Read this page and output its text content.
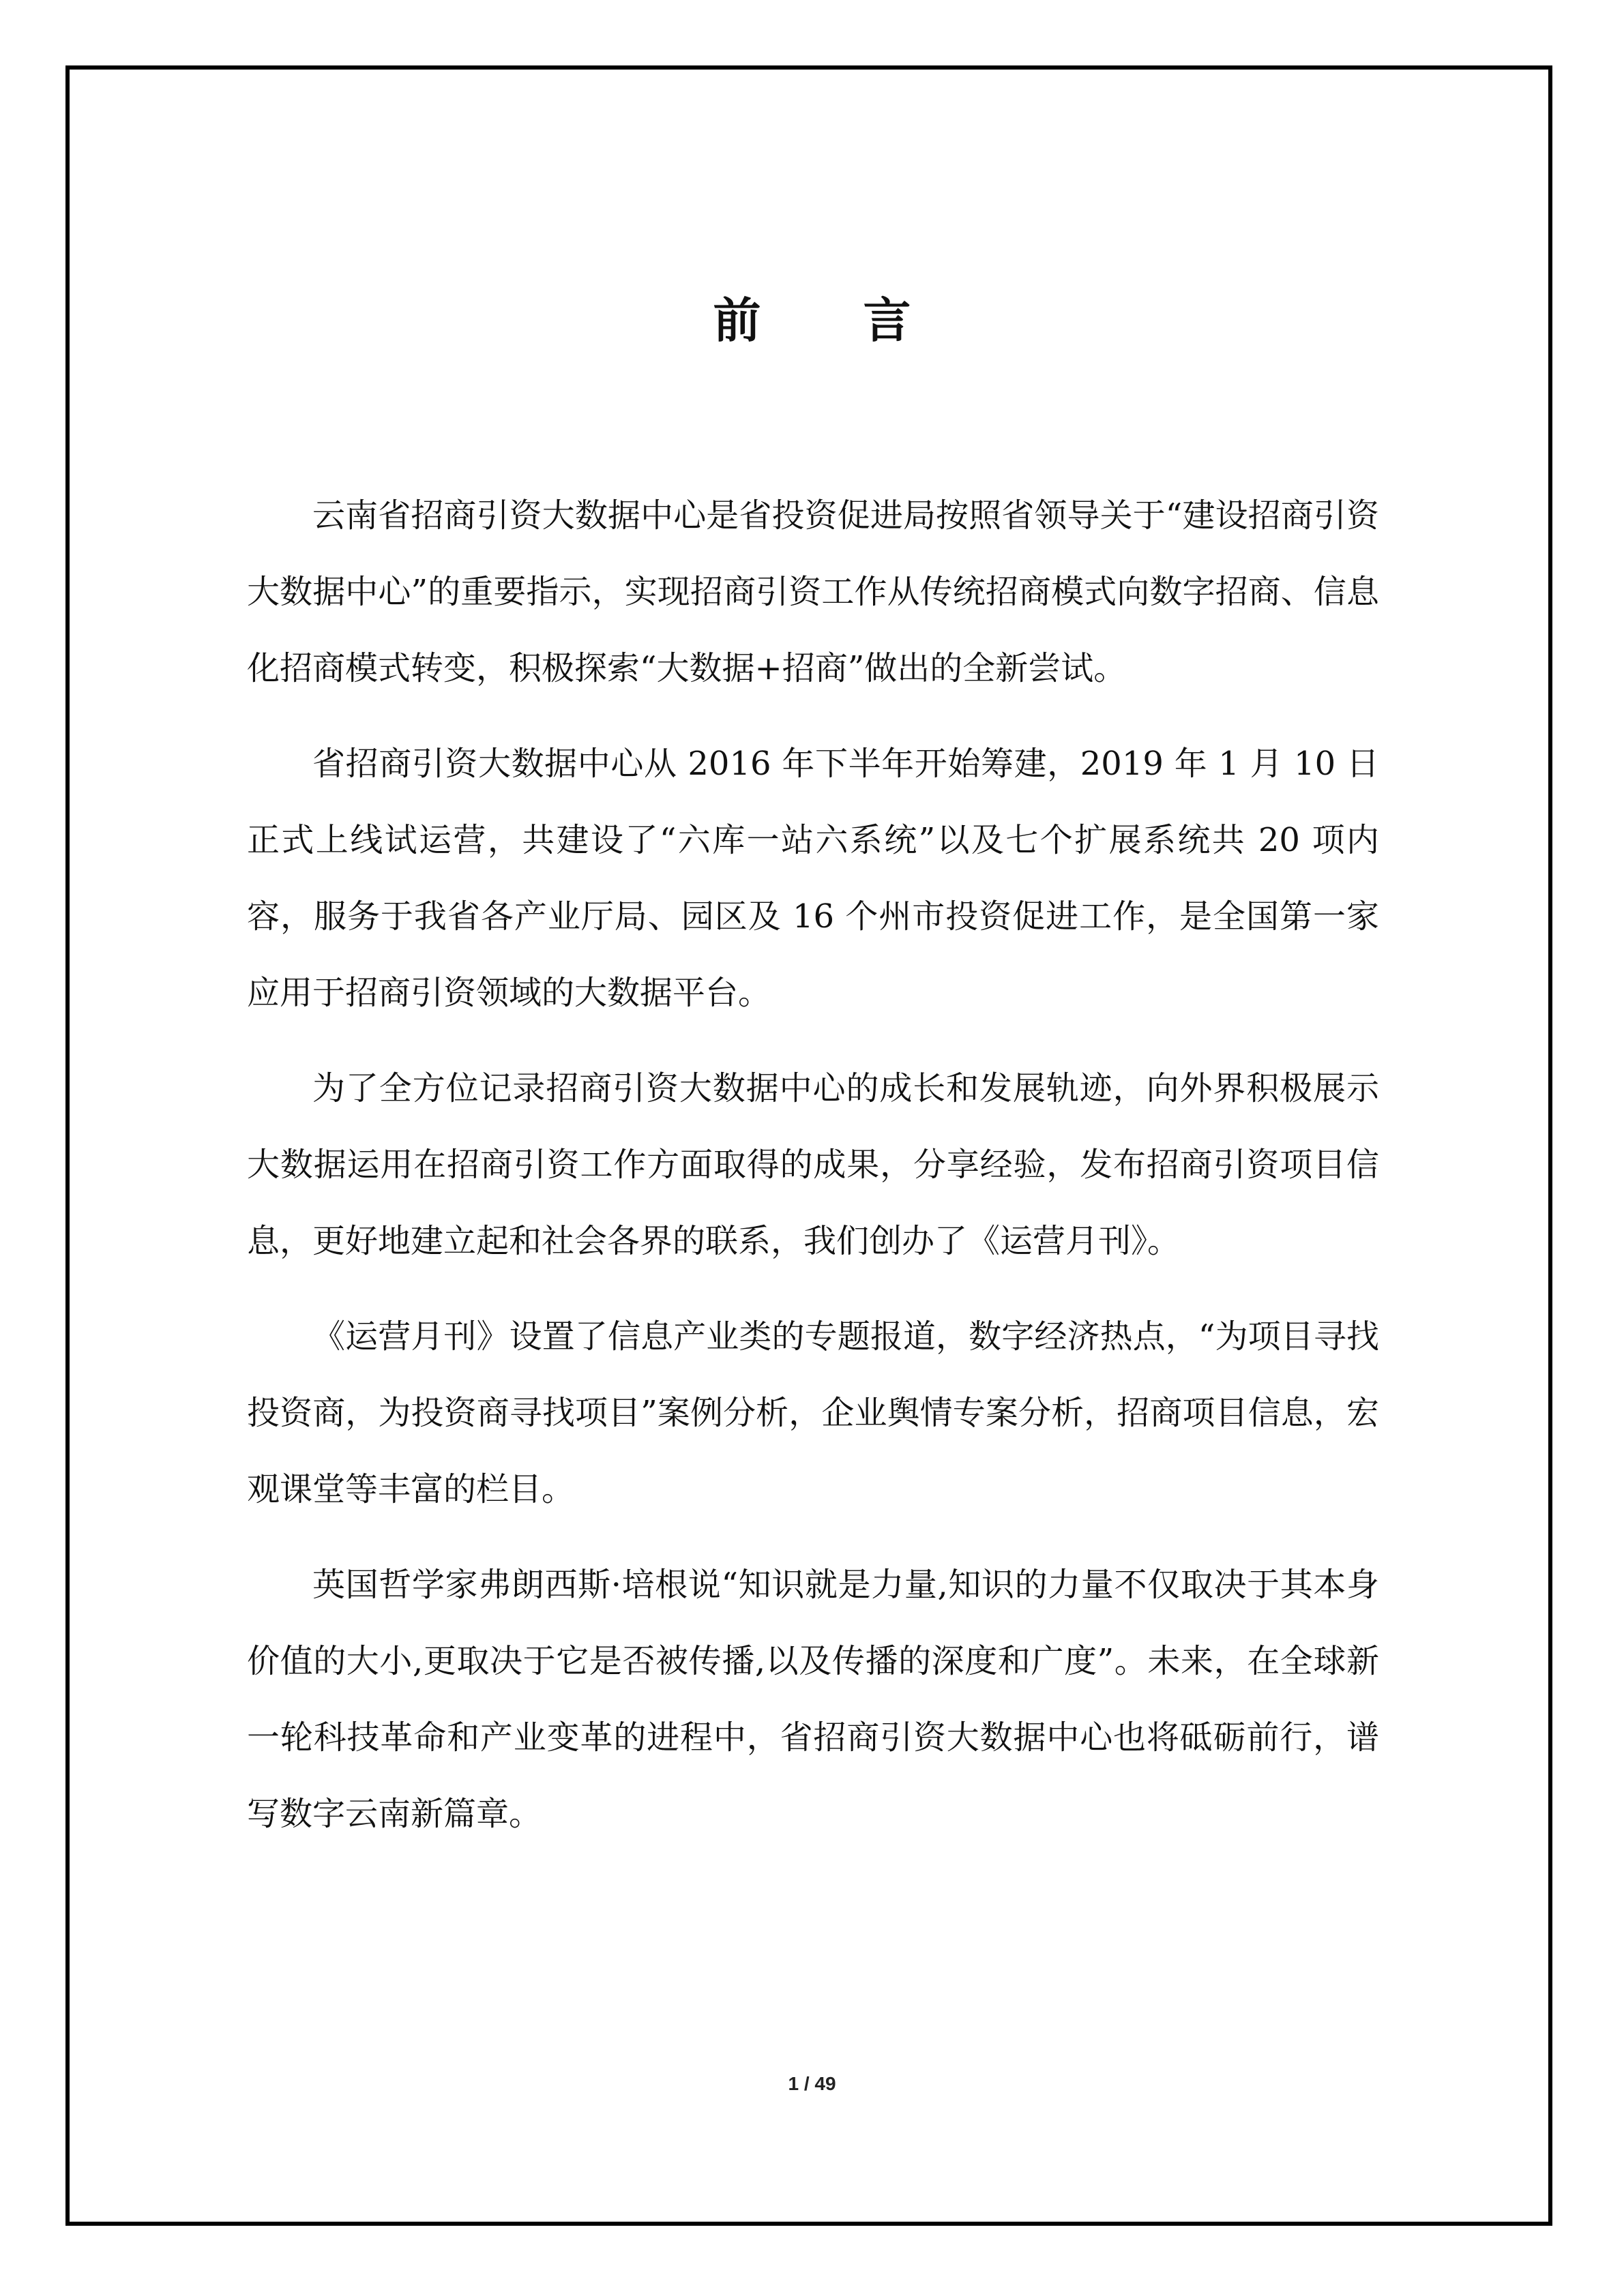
前言

云南省招商引资大数据中心是省投资促进局按照省领导关于“建设招商引资大数据中心”的重要指示，实现招商引资工作从传统招商模式向数字招商、信息化招商模式转变，积极探索“大数据+招商”做出的全新尝试。

省招商引资大数据中心从 2016 年下半年开始筹建，2019 年 1 月 10 日正式上线试运营，共建设了“六库一站六系统”以及七个扩展系统共 20 项内容，服务于我省各产业厅局、园区及 16 个州市投资促进工作，是全国第一家应用于招商引资领域的大数据平台。

为了全方位记录招商引资大数据中心的成长和发展轨迹，向外界积极展示大数据运用在招商引资工作方面取得的成果，分享经验，发布招商引资项目信息，更好地建立起和社会各界的联系，我们创办了《运营月刊》。

《运营月刊》设置了信息产业类的专题报道，数字经济热点，“为项目寻找投资商，为投资商寻找项目”案例分析，企业舆情专案分析，招商项目信息，宏观课堂等丰富的栏目。

英国哲学家弗朗西斯·培根说“知识就是力量,知识的力量不仅取决于其本身价值的大小,更取决于它是否被传播,以及传播的深度和广度”。未来，在全球新一轮科技革命和产业变革的进程中，省招商引资大数据中心也将砥砺前行，谱写数字云南新篇章。

1 / 49
